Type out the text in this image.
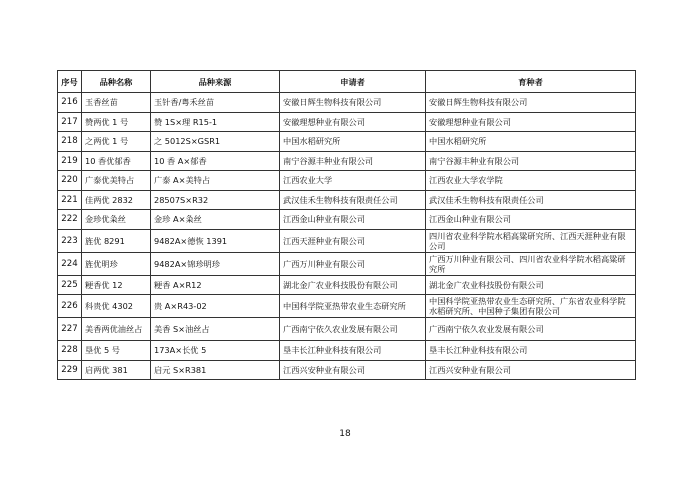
序号	品种名称	品种来源	申请者	育种者
216	玉香丝苗	玉针香/粤禾丝苗	安徽日辉生物科技有限公司	安徽日辉生物科技有限公司
217	赞两优 1 号	赞 1S×理 R15-1	安徽理想种业有限公司	安徽理想种业有限公司
218	之两优 1 号	之 5012S×GSR1	中国水稻研究所	中国水稻研究所
219	10 香优郁香	10 香 A×郁香	南宁谷源丰种业有限公司	南宁谷源丰种业有限公司
220	广泰优美特占	广泰 A×美特占	江西农业大学	江西农业大学农学院
221	佳两优 2832	28507S×R32	武汉佳禾生物科技有限责任公司	武汉佳禾生物科技有限责任公司
222	金珍优粂丝	金珍 A×粂丝	江西金山种业有限公司	江西金山种业有限公司
223	旌优 8291	9482A×德恢 1391	江西天涯种业有限公司	四川省农业科学院水稻高粱研究所、江西天涯种业有限公司
224	旌优明珍	9482A×锦珍明珍	广西万川种业有限公司	广西万川种业有限公司、四川省农业科学院水稻高粱研究所
225	粳香优 12	粳香 A×R12	湖北金广农业科技股份有限公司	湖北金广农业科技股份有限公司
226	科贵优 4302	贵 A×R43-02	中国科学院亚热带农业生态研究所	中国科学院亚热带农业生态研究所、广东省农业科学院水稻研究所、中国种子集团有限公司
227	美香两优油丝占	美香 S×油丝占	广西南宁依久农业发展有限公司	广西南宁依久农业发展有限公司
228	垦优 5 号	173A×长优 5	垦丰长江种业科技有限公司	垦丰长江种业科技有限公司
229	启两优 381	启元 S×R381	江西兴安种业有限公司	江西兴安种业有限公司
18
